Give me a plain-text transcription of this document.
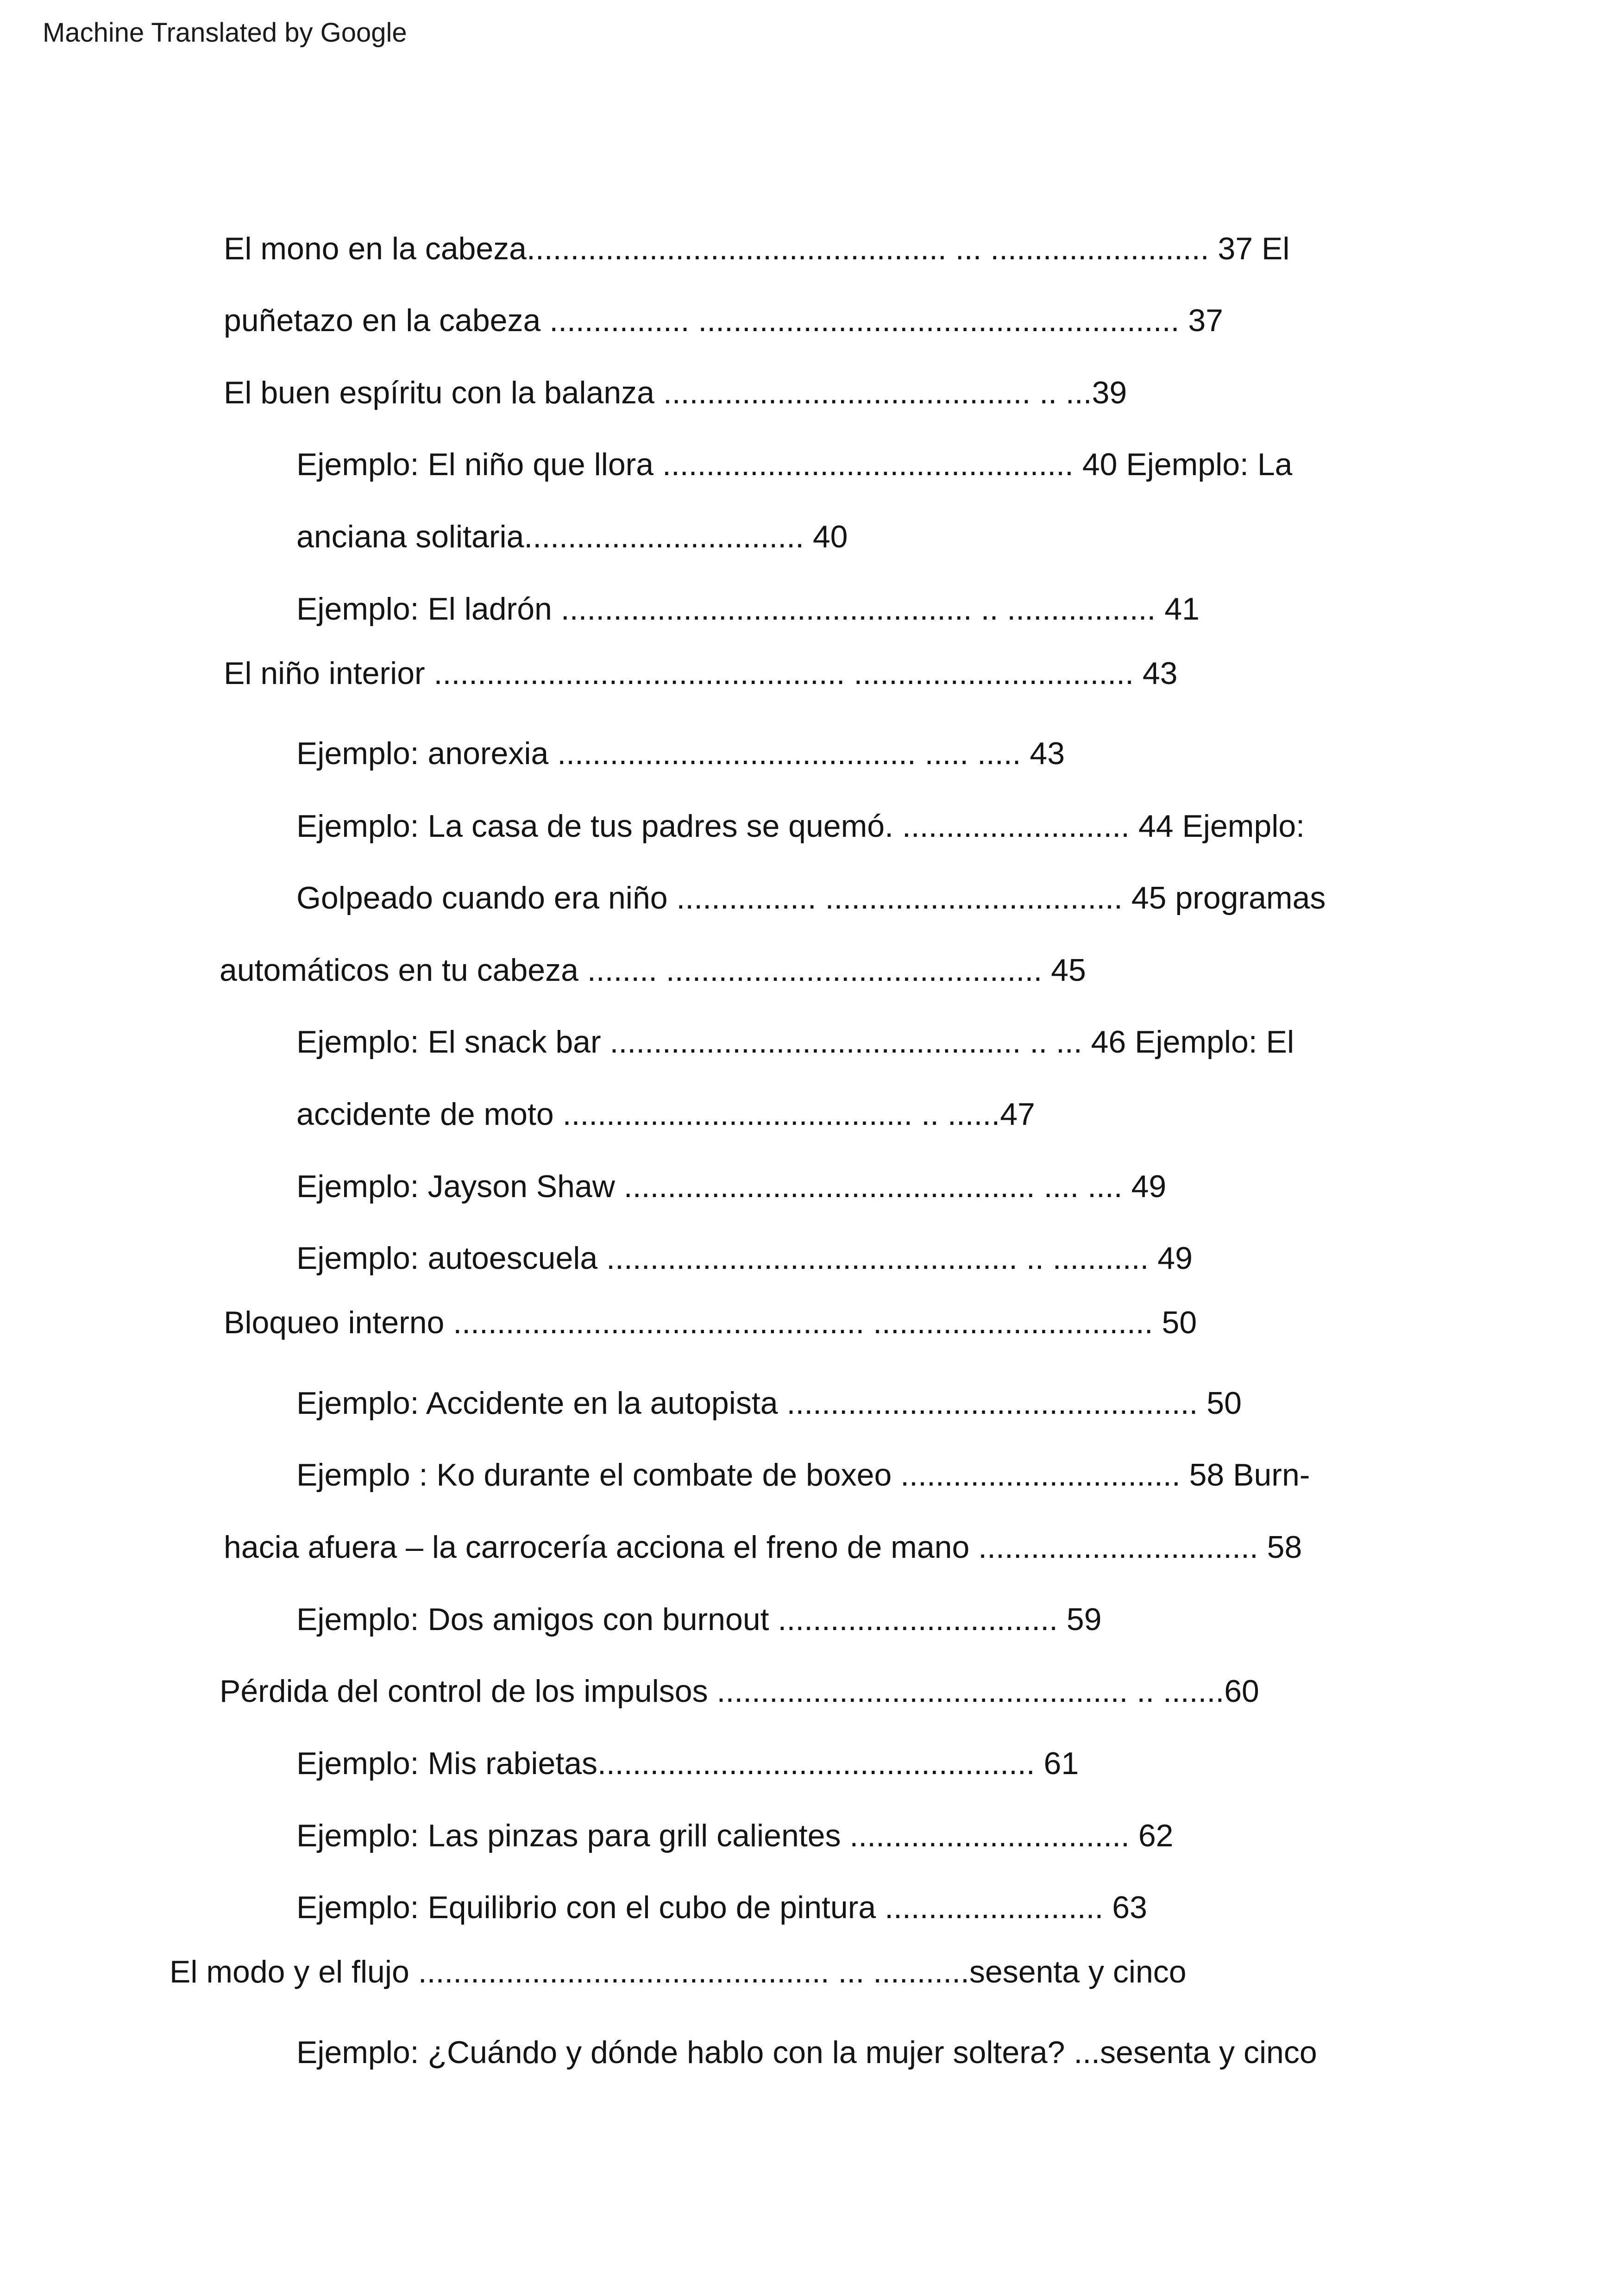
Machine Translated by Google
El mono en la cabeza................................................ ... ......................... 37 El
puñetazo en la cabeza ................ ....................................................... 37
El buen espíritu con la balanza .......................................... .. ...39
Ejemplo: El niño que llora ............................................... 40 Ejemplo: La
anciana solitaria................................ 40
Ejemplo: El ladrón ............................................... .. ................. 41
El niño interior ............................................... ................................ 43
Ejemplo: anorexia ......................................... ..... ..... 43
Ejemplo: La casa de tus padres se quemó. .......................... 44 Ejemplo:
Golpeado cuando era niño ................ .................................. 45 programas
automáticos en tu cabeza ........ ........................................... 45
Ejemplo: El snack bar ............................................... .. ... 46 Ejemplo: El
accidente de moto ........................................ .. ......47
Ejemplo: Jayson Shaw ............................................... .... .... 49
Ejemplo: autoescuela ............................................... .. ........... 49
Bloqueo interno ............................................... ................................ 50
Ejemplo: Accidente en la autopista ............................................... 50
Ejemplo : Ko durante el combate de boxeo ................................ 58 Burn-
hacia afuera – la carrocería acciona el freno de mano ................................ 58
Ejemplo: Dos amigos con burnout ................................ 59
Pérdida del control de los impulsos ............................................... .. .......60
Ejemplo: Mis rabietas.................................................. 61
Ejemplo: Las pinzas para grill calientes ................................ 62
Ejemplo: Equilibrio con el cubo de pintura ......................... 63
El modo y el flujo ............................................... ... ...........sesenta y cinco
Ejemplo: ¿Cuándo y dónde hablo con la mujer soltera? ...sesenta y cinco
